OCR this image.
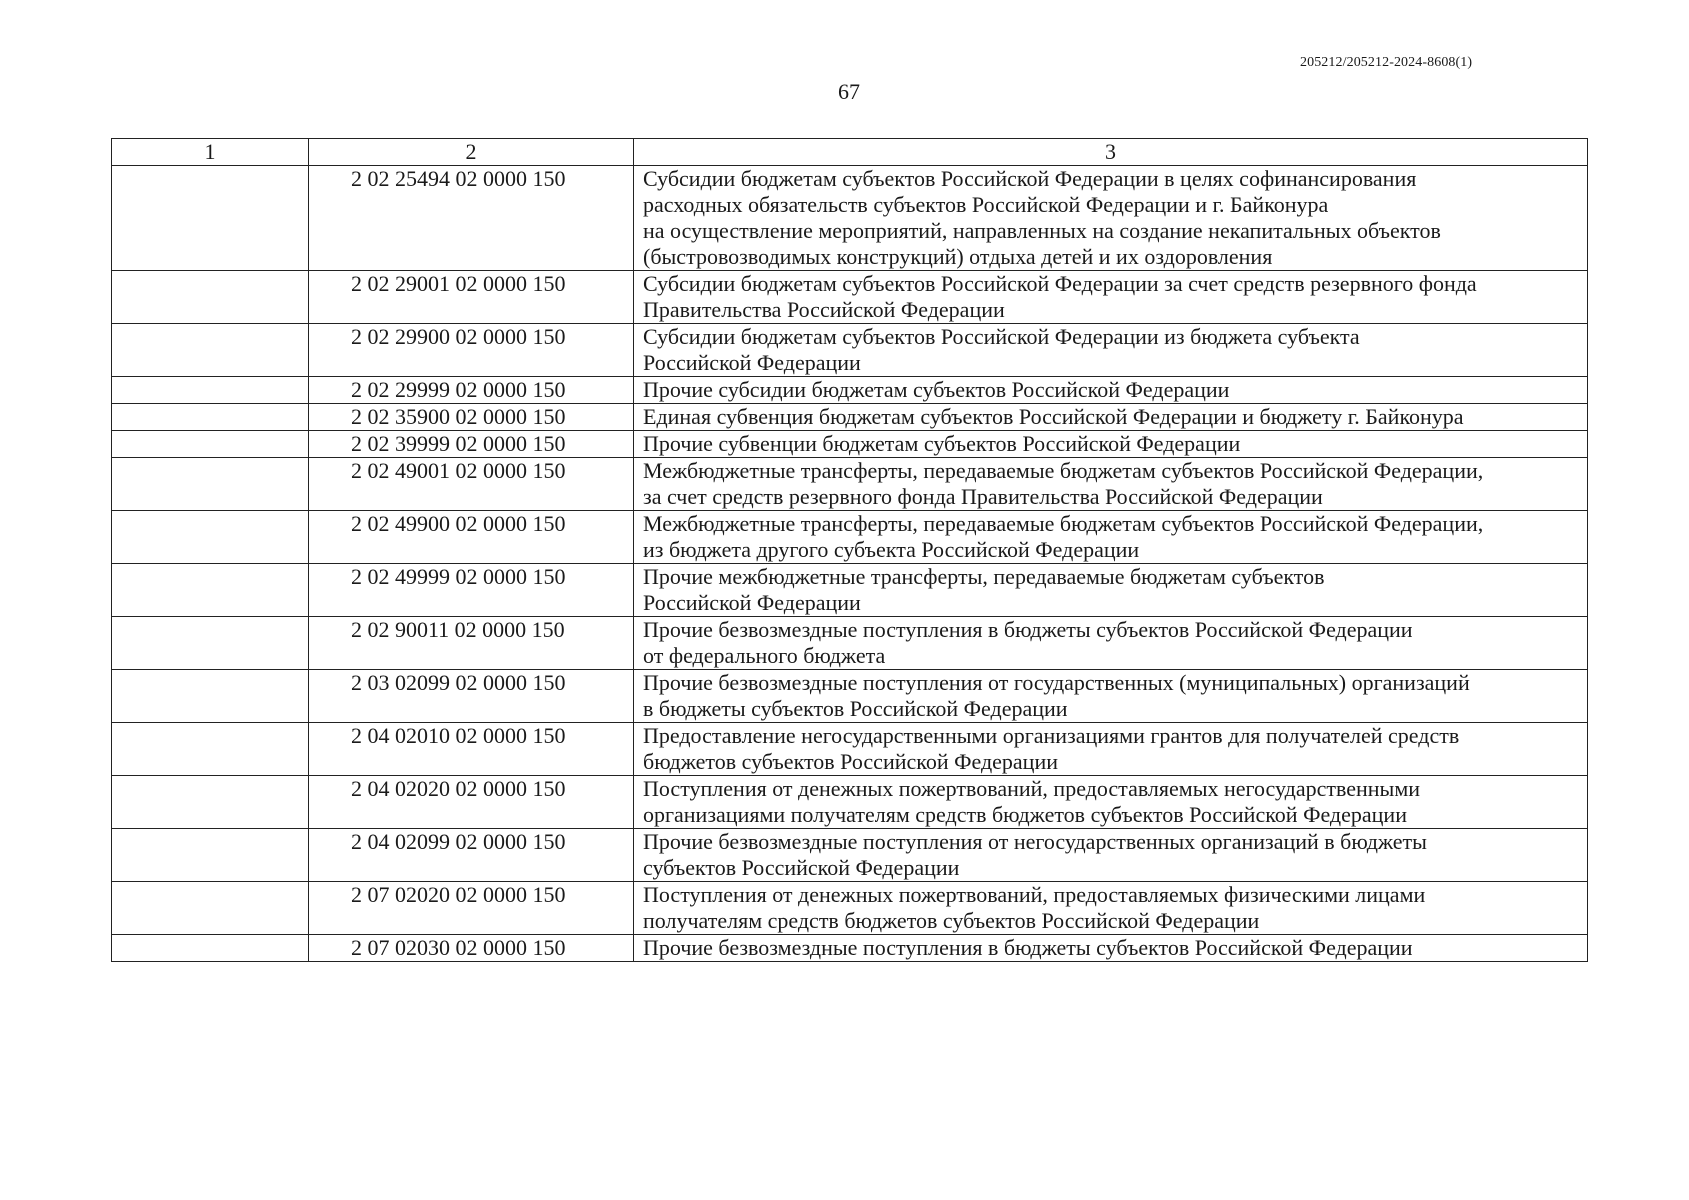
205212/205212-2024-8608(1)
67
1	2	3
	2 02 25494 02 0000 150	Субсидии бюджетам субъектов Российской Федерации в целях софинансирования
расходных обязательств субъектов Российской Федерации и г. Байконура
на осуществление мероприятий, направленных на создание некапитальных объектов
(быстровозводимых конструкций) отдыха детей и их оздоровления
	2 02 29001 02 0000 150	Субсидии бюджетам субъектов Российской Федерации за счет средств резервного фонда
Правительства Российской Федерации
	2 02 29900 02 0000 150	Субсидии бюджетам субъектов Российской Федерации из бюджета субъекта
Российской Федерации
	2 02 29999 02 0000 150	Прочие субсидии бюджетам субъектов Российской Федерации
	2 02 35900 02 0000 150	Единая субвенция бюджетам субъектов Российской Федерации и бюджету г. Байконура
	2 02 39999 02 0000 150	Прочие субвенции бюджетам субъектов Российской Федерации
	2 02 49001 02 0000 150	Межбюджетные трансферты, передаваемые бюджетам субъектов Российской Федерации,
за счет средств резервного фонда Правительства Российской Федерации
	2 02 49900 02 0000 150	Межбюджетные трансферты, передаваемые бюджетам субъектов Российской Федерации,
из бюджета другого субъекта Российской Федерации
	2 02 49999 02 0000 150	Прочие межбюджетные трансферты, передаваемые бюджетам субъектов
Российской Федерации
	2 02 90011 02 0000 150	Прочие безвозмездные поступления в бюджеты субъектов Российской Федерации
от федерального бюджета
	2 03 02099 02 0000 150	Прочие безвозмездные поступления от государственных (муниципальных) организаций
в бюджеты субъектов Российской Федерации
	2 04 02010 02 0000 150	Предоставление негосударственными организациями грантов для получателей средств
бюджетов субъектов Российской Федерации
	2 04 02020 02 0000 150	Поступления от денежных пожертвований, предоставляемых негосударственными
организациями получателям средств бюджетов субъектов Российской Федерации
	2 04 02099 02 0000 150	Прочие безвозмездные поступления от негосударственных организаций в бюджеты
субъектов Российской Федерации
	2 07 02020 02 0000 150	Поступления от денежных пожертвований, предоставляемых физическими лицами
получателям средств бюджетов субъектов Российской Федерации
	2 07 02030 02 0000 150	Прочие безвозмездные поступления в бюджеты субъектов Российской Федерации
